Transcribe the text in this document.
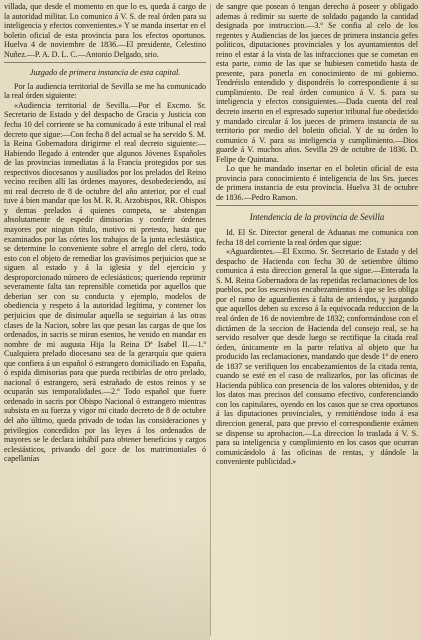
villada, que desde el momento en que lo es, queda á cargo de la autoridad militar. Lo comunico á V. S. de real órden para su inteligencia y efectos convenientes.» Y se manda insertar en el boletin oficial de esta provincia para los efectos oportunos. Huelva 4 de noviembre de 1836.—El presidente, Celestino Nuñez.—P. A. D. L. C.—Antonio Delgado, srio.

Juzgado de primera instancia de esta capital.

Por la audiencia territorial de Sevilla se me ha comunicado la real órden siguiente:

«Audiencia territorial de Sevilla.—Por el Excmo. Sr. Secretario de Estado y del despacho de Gracia y Justicia con fecha 10 del corriente se ha comunicado á este tribunal el real decreto que sigue:—Con fecha 8 del actual se ha servido S. M. la Reina Gobernadora dirigirme el real decreto siguiente:—Habiendo llegado á entender que algunos Jóvenes Españoles de las provincias inmediatas á la Francia protegidos por sus respectivos diocesanos y ausiliados por los prelados del Reino vecino reciben allí las órdenes mayores, desobedeciendo, así mi real decreto de 8 de octubre del año anterior, por el cual tuve á bien mandar que los M. R. R. Arzobispos, RR. Obispos y demas prelados á quienes competa, se abstengan absolutamente de espedir dimisorias y conferir órdenes mayores por ningun título, motivo ni pretesto, hasta que examinados por las córtes los trabajos de la junta eclesiástica, se determine lo conveniente sobre el arreglo del clero, todo esto con el objeto de remediar los gravísimos perjuicios que se siguen al estado y á la iglesia y del ejercicio y desproporcionado número de eclesiásticos; queriendo reprimir severamente falta tan reprensible cometida por aquellos que deberian ser con su conducta y ejemplo, modelos de obediencia y respeto á la autoridad legítima, y contener los perjuicios que de disimular aquella se seguirian á las otras clases de la Nacion, sobre las que pesan las cargas de que los ordenados, in sacris se miran esentos, he venido en mandar en nombre de mi augusta Hija la Reina Dª Isabel II.—1.º Cualquiera prelado diocesano sea de la gerarquía que quiera que confiera á un español ó estrangero domiciliado en España, ó espida dimisorias para que pueda recibirlas de otro prelado, nacional ó estrangero, será estrañado de estos reinos y se ocuparán sus temporalidades.—2.º Todo español que fuere ordenado in sacris por Obispo Nacional ó estrangero mientras subsista en su fuerza y vigor mi citado decreto de 8 de octubre del año último, queda privado de todas las consideraciones y privilegios concedidos por las leyes á los ordenados de mayores se le declara inhábil para obtener beneficios y cargos eclesiásticos, privando del goce de los matrimoniales ó capellanías

de sangre que posean ó tengan derecho á poseer y obligado ademas á redimir su suerte de soldado pagando la cantidad designada por instruccion.—3.º Se confia al celo de los regentes y Audiencias de los jueces de primera instancia gefes políticos, diputaciones provinciales y los ayuntamientos del reino el estar á la vista de las infracciones que se cometan en esta parte, como de las que se hubiesen cometido hasta de presente, para ponerla en conocimiento de mi gobierno. Tendréislo entendido y dispondréis lo correspondiente á su cumplimiento. De real órden comunico á V. S. para su inteligencia y efectos consiguientes.—Dada cuenta del real decreto inserto en el espresado superior tribunal fue obedecido y mandado circular á los jueces de primera instancia de su territorio por medio del boletin oficial. Y de su órden lo comunico á V. para su inteligencia y cumplimiento.—Dios guarde á V. muchos años. Sevilla 29 de octubre de 1836. D. Felipe de Quintana.

Lo que he mandado insertar en el boletin oficial de esta provincia para conocimiento é inteligencia de los Srs. jueces de primera instancia de esta provincia. Huelva 31 de octubre de 1836.—Pedro Ramon.

Intendencia de la provincia de Sevilla

Id. El Sr. Director general de Aduanas me comunica con fecha 18 del corriente la real órden que sigue:

«Aguardientes.—El Excmo. Sr. Secretario de Estado y del despacho de Hacienda con fecha 30 de setiembre último comunica á esta direccion general la que sigue.—Enterada la S. M. Reina Gobernadora de las repetidas reclamaciones de los pueblos, por los escesivos encabezamientos á que se les obliga por el ramo de aguardientes á falta de arriendos, y juzgando que aquellos deben su exceso á la equivocada reduccion de la real órden de 16 de noviembre de 1832; conformándose con el dictámen de la seccion de Hacienda del consejo real, se ha servido resolver que desde luego se rectifique la citada real órden, únicamente en la parte relativa al objeto que ha producido las reclamaciones, mandando que desde 1º de enero de 1837 se verifiquen los encabezamientos de la citada renta, cuando se esté en el caso de realizarlos, por las oficinas de Hacienda pública con presencia de los valores obtenidos, y de los datos mas precisos del consumo efectivo, conferenciando con los capitulares, oyendo en los casos que se crea oportunos á las diputaciones provinciales, y remitiéndose todo á esa direccion general, para que previo el correspondiente exámen se dispense su aprobacion.—La direccion lo traslada á V. S. para su inteligencia y cumplimiento en los casos que ocurran comunicándolo á las oficinas de rentas, y dándole la conveniente publicidad.»
